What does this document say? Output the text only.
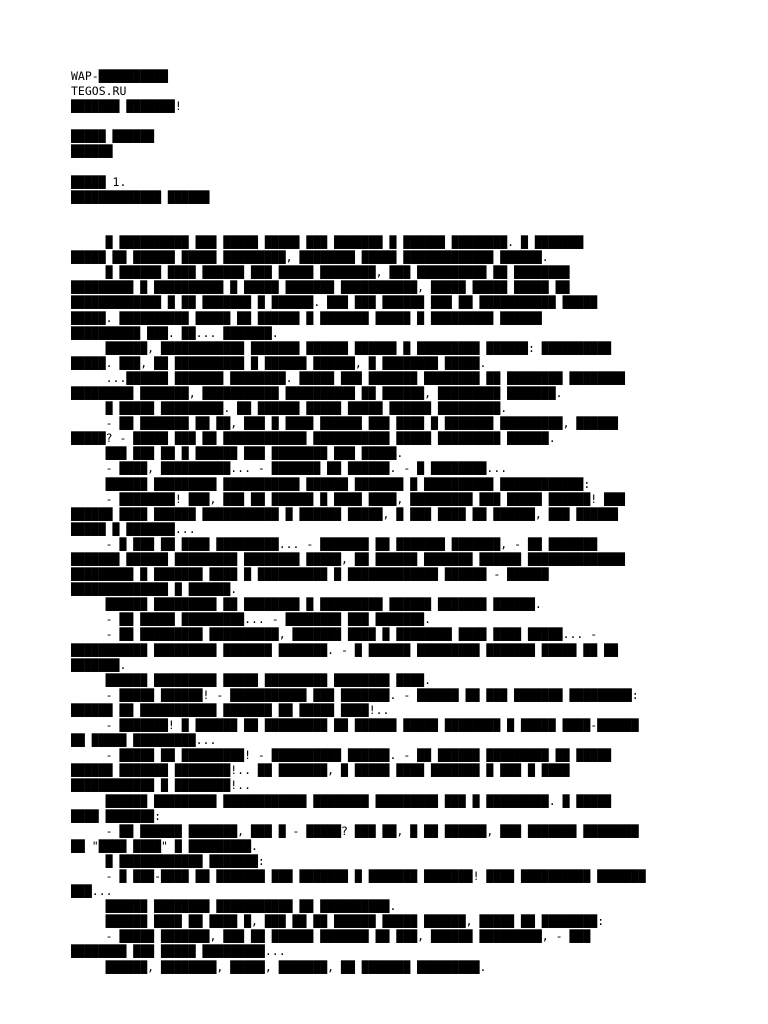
WAP-██████████
TEGOS.RU
███████ ███████!
█████ ██████
██████
█████ 1.
█████████████ ██████
█ ██████████ ███ █████ █████ ███ ███████ █ ██████ ████████. █ ███████
█████ ██ ██████ █████ █████████, ████████ █████ █████████████ ██████.
█ ██████ ████ ██████ ███ █████ ████████, ███ ██████████ ██ ████████
█████████ █ ██████████ █ █████ ███████ ███████████, █████ █████ █████ ██
█████████████ █ ██ ███████ █ ██████. ███ ███ ██████ ███ ██ ███████████ █████
█████. ██████████ █████ ██ ██████ █ ███████ █████ █ █████████ ██████
██████████ ███. ██... ███████.
██████, ████████████ ███████ ██████ ██████ █ █████████ ██████: ██████████
█████. ███, ██ ██████████ █ ██████ ██████, █ ████████ █████.
...██████ ███████ ████████. █████ ███ ███████ ████████ ██ ████████ ████████
█████████ ███████, ███████████ ██████████ ██ ██████, █████████ ███████.
█ █████ █████████. ██ ██████ █████ █████ ██████ █████████.
- ██ ███████ ██ ██, ███ █ ████ ██████ ███ ████ █ ███████ █████████, ██████
█████? - █████ ███ ██ ████████████ ███████████ █████ █████████ ██████.
███ ███ ██ █ ██████ ███ ████████ ███ █████.
- ████, ██████████... - ███████ ██ ██████. - █ ████████...
██████ █████████ ███████████ ██████ ███████ █ ██████████ ████████████:
- ████████! ███, ███ ██ ██████ █ ████ ████, █████████ ███ █████ ██████! ███
██████ ████ ██████ ███████████ █ ██████ █████, █ ███ ████ ██ ██████, ███ ██████
█████ █ ███████...
- █ ███ ██ ████ █████████... - ███████ ██ ███████ ███████, - ██ ███████
███████ ██████ █████████ ████████ █████, ██ ██████ ███████ ██████ ██████████████
█████████ █ ███████ ████ █ ██████████ █ █████████████ ██████ - ██████
██████████████ █ ██████.
██████ █████████ ██ ████████ █ █████████ ██████ ███████ ██████.
- ██ █████ █████████... - ████████ ███ ███████.
- ██ █████████ ██████████, ███████ ████ █ ████████ ████ ████ █████... -
███████████ █████████ ███████ ███████. - █ ██████ █████████ ███████ █████ ██ ██
███████.
██████ █████████ █████ █████████ ████████ ████.
- █████ ██████! - ███████████ ███ ███████. - ██████ ██ ███ ███████ █████████:
██████ ██ ███████████ ███████ ██ █████ ████!..
- ███████! █ ██████ ██ █████████ ██ ██████ █████ ████████ █ █████ ████-██████
██ █████ █████████...
- █████ ██ █████████! - ██████████ ██████. - ██ ██████ █████████ ██ █████
██████ ███████ ████████!.. ██ ███████, █ █████ ████ ███████ █ ███ █ ████
████████████ █ ████████!..
██████ █████████ ████████████ ████████ █████████ ███ █ █████████. █ █████
████ ███████:
- ██ ██████ ███████, ███ █ - █████? ███ ██, █ ██ ██████, ███ ███████ ████████
██ "████ ████" █ █████████.
█ ████████████ ███████:
- █ ███-████ ██ ███████ ███ ███████ █ ███████ ███████! ████ ██████████ ███████
███...
██████ ████████ ███████████ ██ ██████████.
██████ ████ ██ ████ █, ███ ██ ██ ██████ █████ ██████, █████ ██ ████████:
- █████ ███████, ███ ██ ██████ ███████ ██ ███, ██████ █████████, - ███
████████ ███ █████ █████████...
██████, ████████, █████, ███████, ██ ███████ █████████.
